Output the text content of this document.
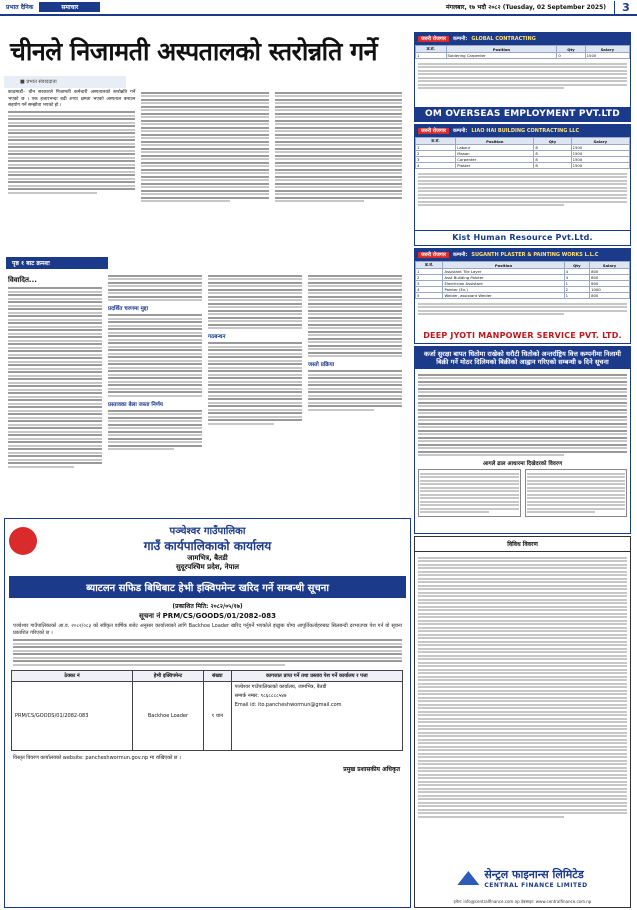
प्रभात दैनिक	समाचार	मंगलबार, १७ भदौ २०८२ (Tuesday, 02 September 2025)	3
चीनले निजामती अस्पतालको स्तरोन्नति गर्ने
■ प्रभात संवाददाता
काठमाडौं– चीन सरकारले निजामती कर्मचारी अस्पतालको स्तरोन्नति गर्ने भएको छ । एक हजारभन्दा बढी शय्या क्षमता भएको अस्पताल बनाउन सहयोग गर्ने सम्झौता भएको हो ।
पृष्ठ १ बाट क्रमशः
विवादित...
प्रदर्शित चरणमा मुद्दा
प्रस्तावका बेला जस्ता निर्णय
गठबन्धन
जस्तो प्रक्रिया
जरुरी रोजगार	कम्पनी: GLOBAL CONTRACTING
क्र.सं.	Position	Qty	Salary
1	Soldering Carpenter	0	1500
OM OVERSEAS EMPLOYMENT PVT.LTD
जरुरी रोजगार	कम्पनी: LIAO HAI BUILDING CONTRACTING LLC
क्र.सं.	Position	Qty	Salary
1	Labour	8	1500
2	Mason	8	1500
3	Carpenter	8	1500
4	Plaster	8	1500
Kist Human Resource Pvt.Ltd.
जरुरी रोजगार	कम्पनी: SUGANTH PLASTER & PAINTING WORKS L.L.C
क्र.सं.	Position	Qty	Salary
1	Assistant Tile Layer	4	800
2	Asst Building Painter	4	800
3	Electrician Assistant	1	800
4	Painter (Ex.)	2	1000
5	Welder, assistant Welder	1	800
DEEP JYOTI MANPOWER SERVICE PVT. LTD.
कर्जा सुरक्षा बापत धितोमा राखेको धरौटी धितोको अन्तर्राष्ट्रिय वित्त कम्पनीमा निलामी बिक्री गर्ने मोठर दिलिमको बिक्रीको आह्वान गरिएको सम्बन्धी ७ दिने सूचना
आगले ढाल आधारमा दिखेदरको विवरण
विविध विवरण
सेन्ट्रल फाइनान्स लिमिटेड
CENTRAL FINANCE LIMITED
इमेल: info@centralfinance.com.np वेबसाइट: www.centralfinance.com.np
पञ्चेश्वर गाउँपालिका
गाउँ कार्यपालिकाको कार्यालय
जामभित्र, बैतडी
सुदूरपश्चिम प्रदेश, नेपाल
ब्याटलन सफिड बिधिबाट हेभी इक्विपमेन्ट खरिद गर्ने सम्बन्धी सूचना
(प्रकाशित मिति: २०८२/०५/१७)
सूचना नं PRM/CS/GOODS/01/2082-083
पञ्चेश्वर गाउँपालिकाको आ.व. २०८२/०८३ को स्वीकृत वार्षिक बजेट अनुसार कार्यालयको लागि Backhoe Loader खरिद गर्नुपर्ने भएकोले इच्छुक योग्य आपूर्तिकर्ताहरुबाट सिलबन्दी दरभाउपत्र पेश गर्न यो सूचना प्रकाशित गरिएको छ ।
ठेक्का नं	हेभी इक्विपमेन्ट	संख्या	कागजात प्राप्त गर्ने तथा प्रस्ताव पेश गर्ने कार्यालय र पत्ता
PRM/CS/GOODS/01/2082-083	Backhoe Loader	१ थान	पञ्चेश्वर गाउँपालिकाको कार्यालय, जामभित्र, बैतडी
सम्पर्क नम्बर: ९८६८८८८५४७
Email id: ito.pancheshwormun@gmail.com
विस्तृत विवरण कार्यालयको website: pancheshwormun.gov.np मा राखिएको छ ।
प्रमुख प्रशासकीय अधिकृत
